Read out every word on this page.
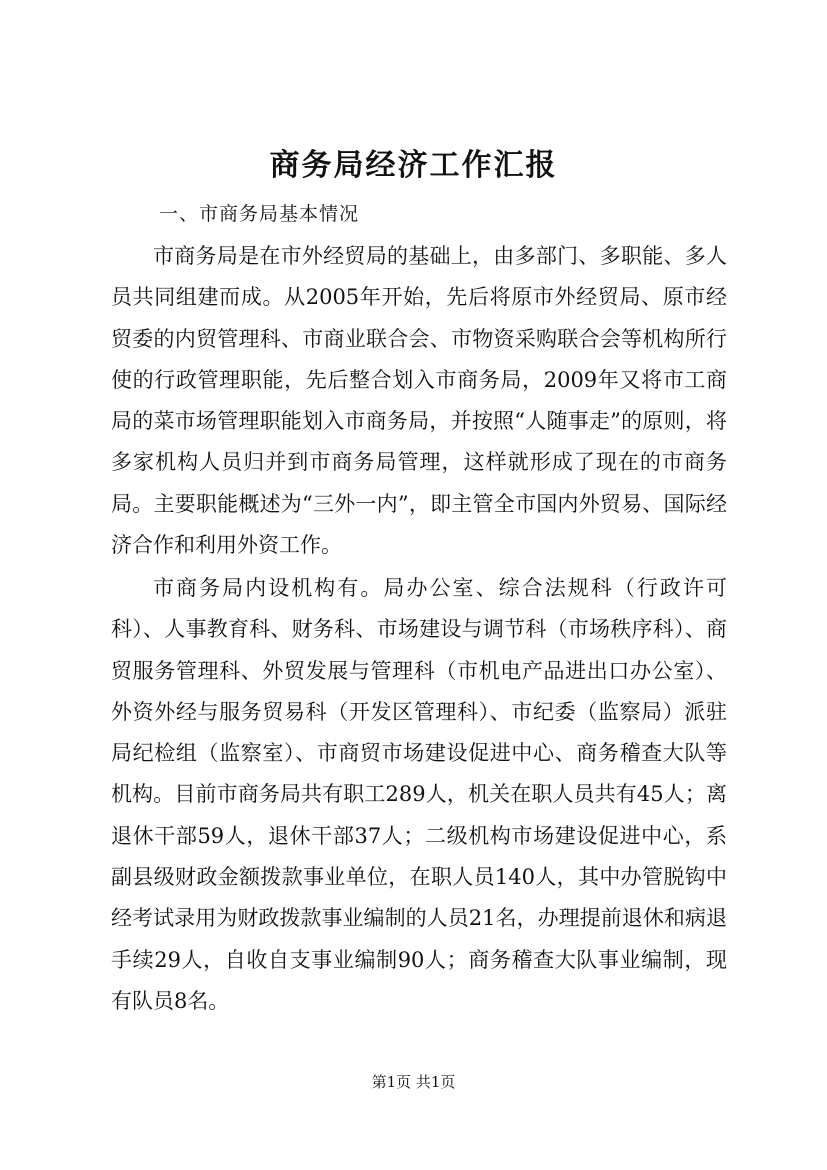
商务局经济工作汇报
一、市商务局基本情况

市商务局是在市外经贸局的基础上，由多部门、多职能、多人员共同组建而成。从2005年开始，先后将原市外经贸局、原市经贸委的内贸管理科、市商业联合会、市物资采购联合会等机构所行使的行政管理职能，先后整合划入市商务局，2009年又将市工商局的菜市场管理职能划入市商务局，并按照“人随事走”的原则，将多家机构人员归并到市商务局管理，这样就形成了现在的市商务局。主要职能概述为“三外一内”，即主管全市国内外贸易、国际经济合作和利用外资工作。

市商务局内设机构有。局办公室、综合法规科（行政许可科）、人事教育科、财务科、市场建设与调节科（市场秩序科）、商贸服务管理科、外贸发展与管理科（市机电产品进出口办公室）、外资外经与服务贸易科（开发区管理科）、市纪委（监察局）派驻局纪检组（监察室）、市商贸市场建设促进中心、商务稽查大队等机构。目前市商务局共有职工289人，机关在职人员共有45人；离退休干部59人，退休干部37人；二级机构市场建设促进中心，系副县级财政金额拨款事业单位，在职人员140人，其中办管脱钩中经考试录用为财政拨款事业编制的人员21名，办理提前退休和病退手续29人，自收自支事业编制90人；商务稽查大队事业编制，现有队员8名。

第1页 共1页
